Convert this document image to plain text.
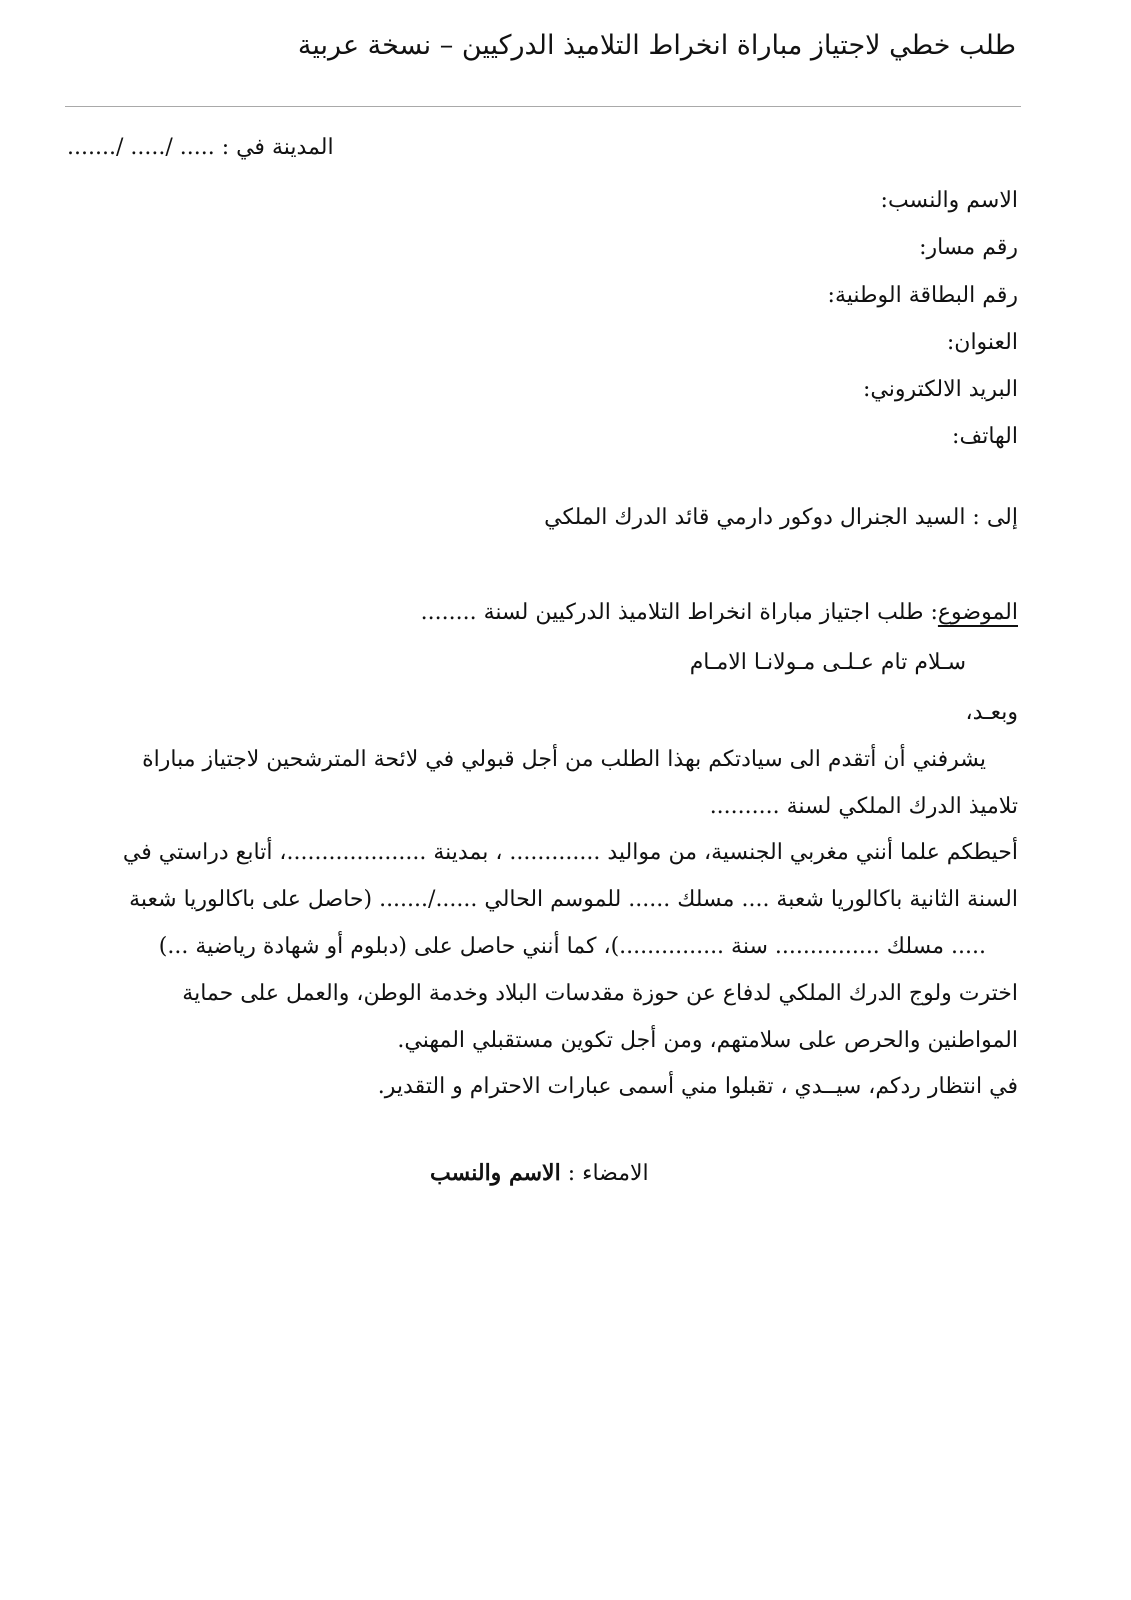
طلب خطي لاجتياز مباراة انخراط التلاميذ الدركيين – نسخة عربية
المدينة في : ..... /..... /.......
الاسم والنسب:
رقم مسار:
رقم البطاقة الوطنية:
العنوان:
البريد الالكتروني:
الهاتف:
إلى : السيد الجنرال دوكور دارمي قائد الدرك الملكي
الموضوع: طلب اجتياز مباراة انخراط التلاميذ الدركيين لسنة ........
سـلام تام عـلـى مـولانـا الامـام
وبعـد،
يشرفني أن أتقدم الى سيادتكم بهذا الطلب من أجل قبولي في لائحة المترشحين لاجتياز مباراة
تلاميذ الدرك الملكي لسنة ..........
أحيطكم علما أنني مغربي الجنسية، من مواليد ............. ، بمدينة ....................، أتابع دراستي في
السنة الثانية باكالوريا شعبة .... مسلك ...... للموسم الحالي ....../....... (حاصل على باكالوريا شعبة
..... مسلك ............... سنة ...............)، كما أنني حاصل على (دبلوم أو شهادة رياضية ...)
اخترت ولوج الدرك الملكي لدفاع عن حوزة مقدسات البلاد وخدمة الوطن، والعمل على حماية
المواطنين والحرص على سلامتهم، ومن أجل تكوين مستقبلي المهني.
في انتظار ردكم، سيــدي ، تقبلوا مني أسمى عبارات الاحترام و التقدير.
الامضاء : الاسم والنسب
